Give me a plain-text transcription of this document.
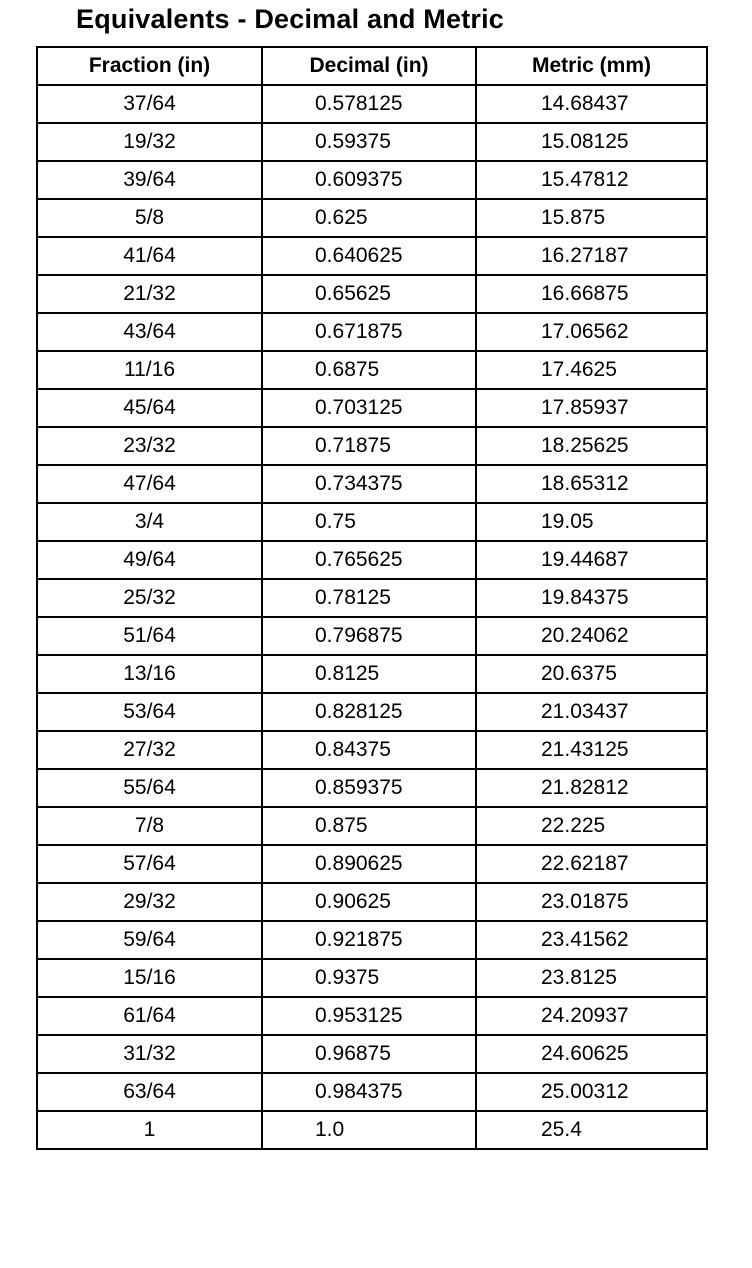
Equivalents - Decimal and Metric
Fraction (in)	Decimal (in)	Metric (mm)
37/64	0.578125	14.68437
19/32	0.59375	15.08125
39/64	0.609375	15.47812
5/8	0.625	15.875
41/64	0.640625	16.27187
21/32	0.65625	16.66875
43/64	0.671875	17.06562
11/16	0.6875	17.4625
45/64	0.703125	17.85937
23/32	0.71875	18.25625
47/64	0.734375	18.65312
3/4	0.75	19.05
49/64	0.765625	19.44687
25/32	0.78125	19.84375
51/64	0.796875	20.24062
13/16	0.8125	20.6375
53/64	0.828125	21.03437
27/32	0.84375	21.43125
55/64	0.859375	21.82812
7/8	0.875	22.225
57/64	0.890625	22.62187
29/32	0.90625	23.01875
59/64	0.921875	23.41562
15/16	0.9375	23.8125
61/64	0.953125	24.20937
31/32	0.96875	24.60625
63/64	0.984375	25.00312
1	1.0	25.4
